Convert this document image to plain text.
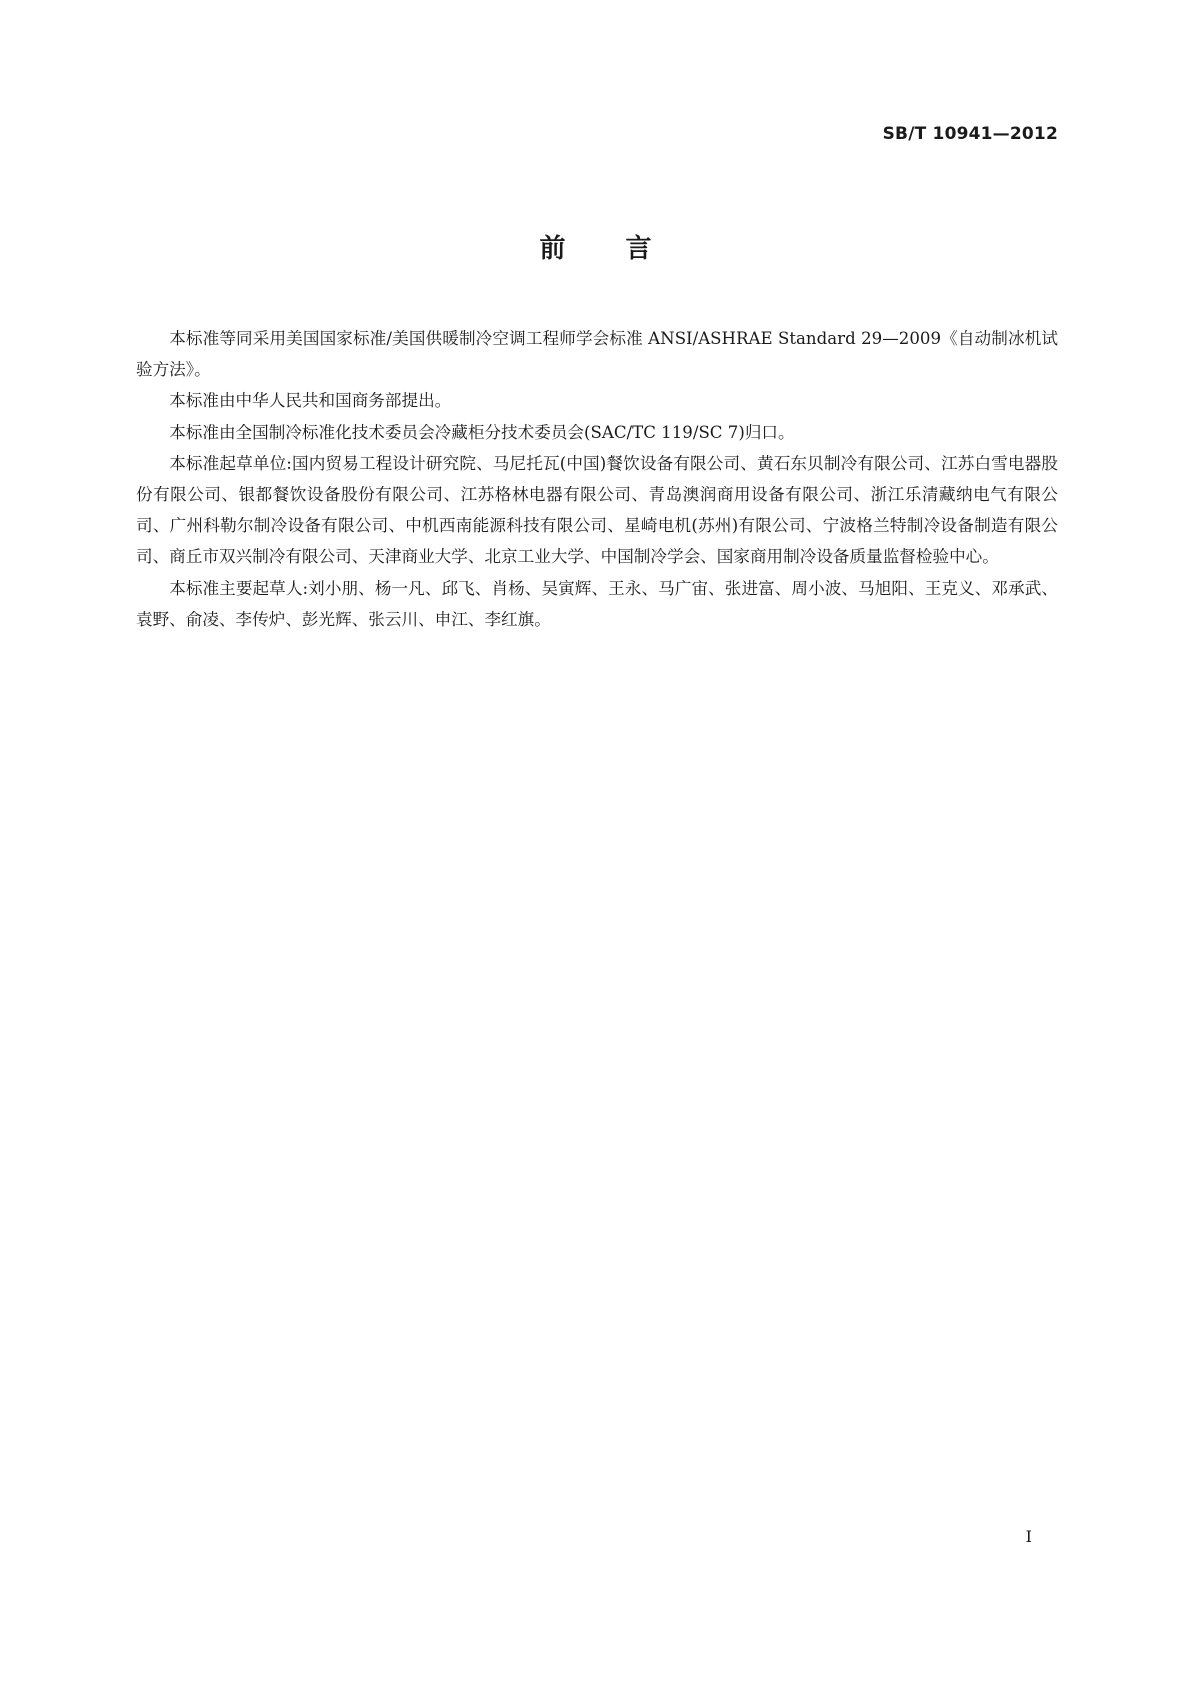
SB/T 10941—2012
前言

本标准等同采用美国国家标准/美国供暖制冷空调工程师学会标准 ANSI/ASHRAE Standard 29—2009《自动制冰机试验方法》。

本标准由中华人民共和国商务部提出。

本标准由全国制冷标准化技术委员会冷藏柜分技术委员会(SAC/TC 119/SC 7)归口。

本标准起草单位:国内贸易工程设计研究院、马尼托瓦(中国)餐饮设备有限公司、黄石东贝制冷有限公司、江苏白雪电器股份有限公司、银都餐饮设备股份有限公司、江苏格林电器有限公司、青岛澳润商用设备有限公司、浙江乐清藏纳电气有限公司、广州科勒尔制冷设备有限公司、中机西南能源科技有限公司、星崎电机(苏州)有限公司、宁波格兰特制冷设备制造有限公司、商丘市双兴制冷有限公司、天津商业大学、北京工业大学、中国制冷学会、国家商用制冷设备质量监督检验中心。

本标准主要起草人:刘小朋、杨一凡、邱飞、肖杨、吴寅辉、王永、马广宙、张进富、周小波、马旭阳、王克义、邓承武、袁野、俞凌、李传炉、彭光辉、张云川、申江、李红旗。

I
